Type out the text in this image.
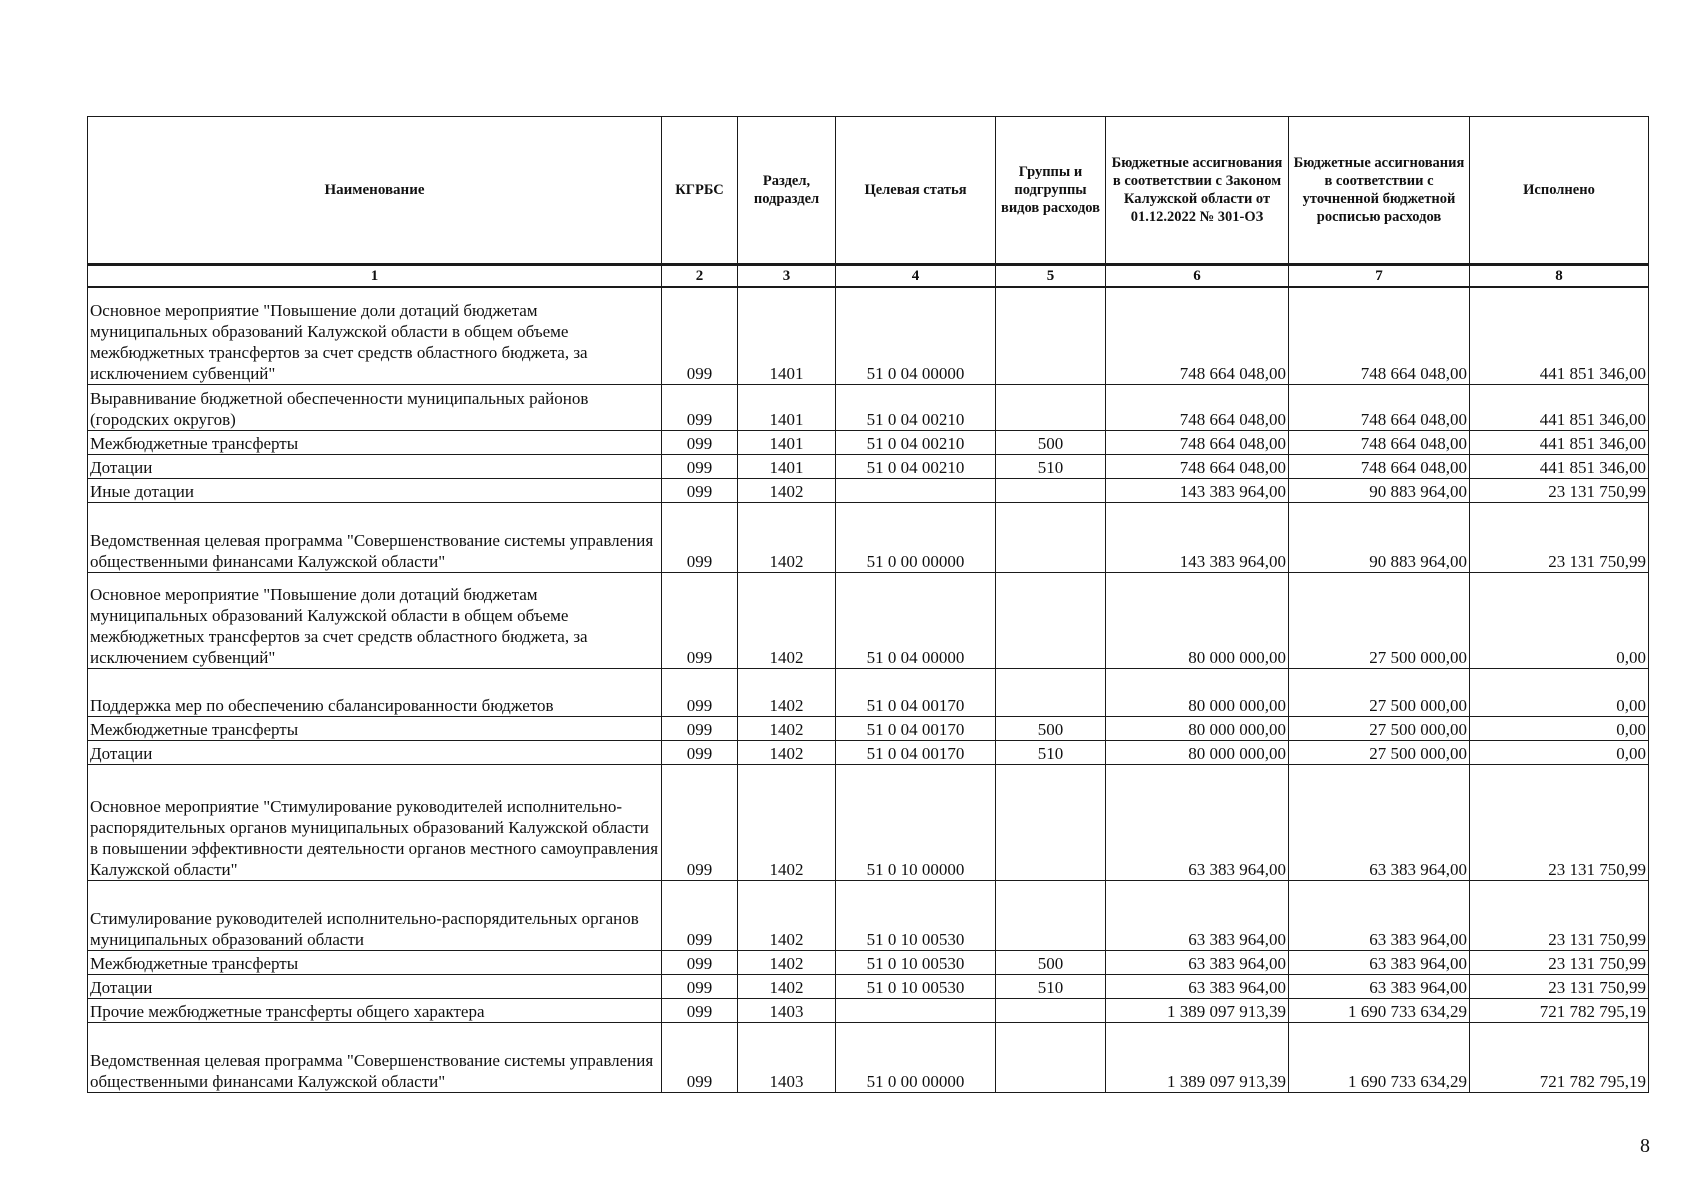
Наименование	КГРБС	Раздел, подраздел	Целевая статья	Группы и подгруппы видов расходов	Бюджетные ассигнования в соответствии с Законом Калужской области от 01.12.2022 № 301-ОЗ	Бюджетные ассигнования в соответствии с уточненной бюджетной росписью расходов	Исполнено
1	2	3	4	5	6	7	8
Основное мероприятие "Повышение доли дотаций бюджетам муниципальных образований Калужской области в общем объеме межбюджетных трансфертов за счет средств областного бюджета, за исключением субвенций"	099	1401	51 0 04 00000		748 664 048,00	748 664 048,00	441 851 346,00
Выравнивание бюджетной обеспеченности муниципальных районов (городских округов)	099	1401	51 0 04 00210		748 664 048,00	748 664 048,00	441 851 346,00
Межбюджетные трансферты	099	1401	51 0 04 00210	500	748 664 048,00	748 664 048,00	441 851 346,00
Дотации	099	1401	51 0 04 00210	510	748 664 048,00	748 664 048,00	441 851 346,00
Иные дотации	099	1402			143 383 964,00	90 883 964,00	23 131 750,99
Ведомственная целевая программа "Совершенствование системы управления общественными финансами Калужской области"	099	1402	51 0 00 00000		143 383 964,00	90 883 964,00	23 131 750,99
Основное мероприятие "Повышение доли дотаций бюджетам муниципальных образований Калужской области в общем объеме межбюджетных трансфертов за счет средств областного бюджета, за исключением субвенций"	099	1402	51 0 04 00000		80 000 000,00	27 500 000,00	0,00
Поддержка мер по обеспечению сбалансированности бюджетов	099	1402	51 0 04 00170		80 000 000,00	27 500 000,00	0,00
Межбюджетные трансферты	099	1402	51 0 04 00170	500	80 000 000,00	27 500 000,00	0,00
Дотации	099	1402	51 0 04 00170	510	80 000 000,00	27 500 000,00	0,00
Основное мероприятие "Стимулирование руководителей исполнительно-распорядительных органов муниципальных образований Калужской области в повышении эффективности деятельности органов местного самоуправления Калужской области"	099	1402	51 0 10 00000		63 383 964,00	63 383 964,00	23 131 750,99
Стимулирование руководителей исполнительно-распорядительных органов муниципальных образований области	099	1402	51 0 10 00530		63 383 964,00	63 383 964,00	23 131 750,99
Межбюджетные трансферты	099	1402	51 0 10 00530	500	63 383 964,00	63 383 964,00	23 131 750,99
Дотации	099	1402	51 0 10 00530	510	63 383 964,00	63 383 964,00	23 131 750,99
Прочие межбюджетные трансферты общего характера	099	1403			1 389 097 913,39	1 690 733 634,29	721 782 795,19
Ведомственная целевая программа "Совершенствование системы управления общественными финансами Калужской области"	099	1403	51 0 00 00000		1 389 097 913,39	1 690 733 634,29	721 782 795,19
8
